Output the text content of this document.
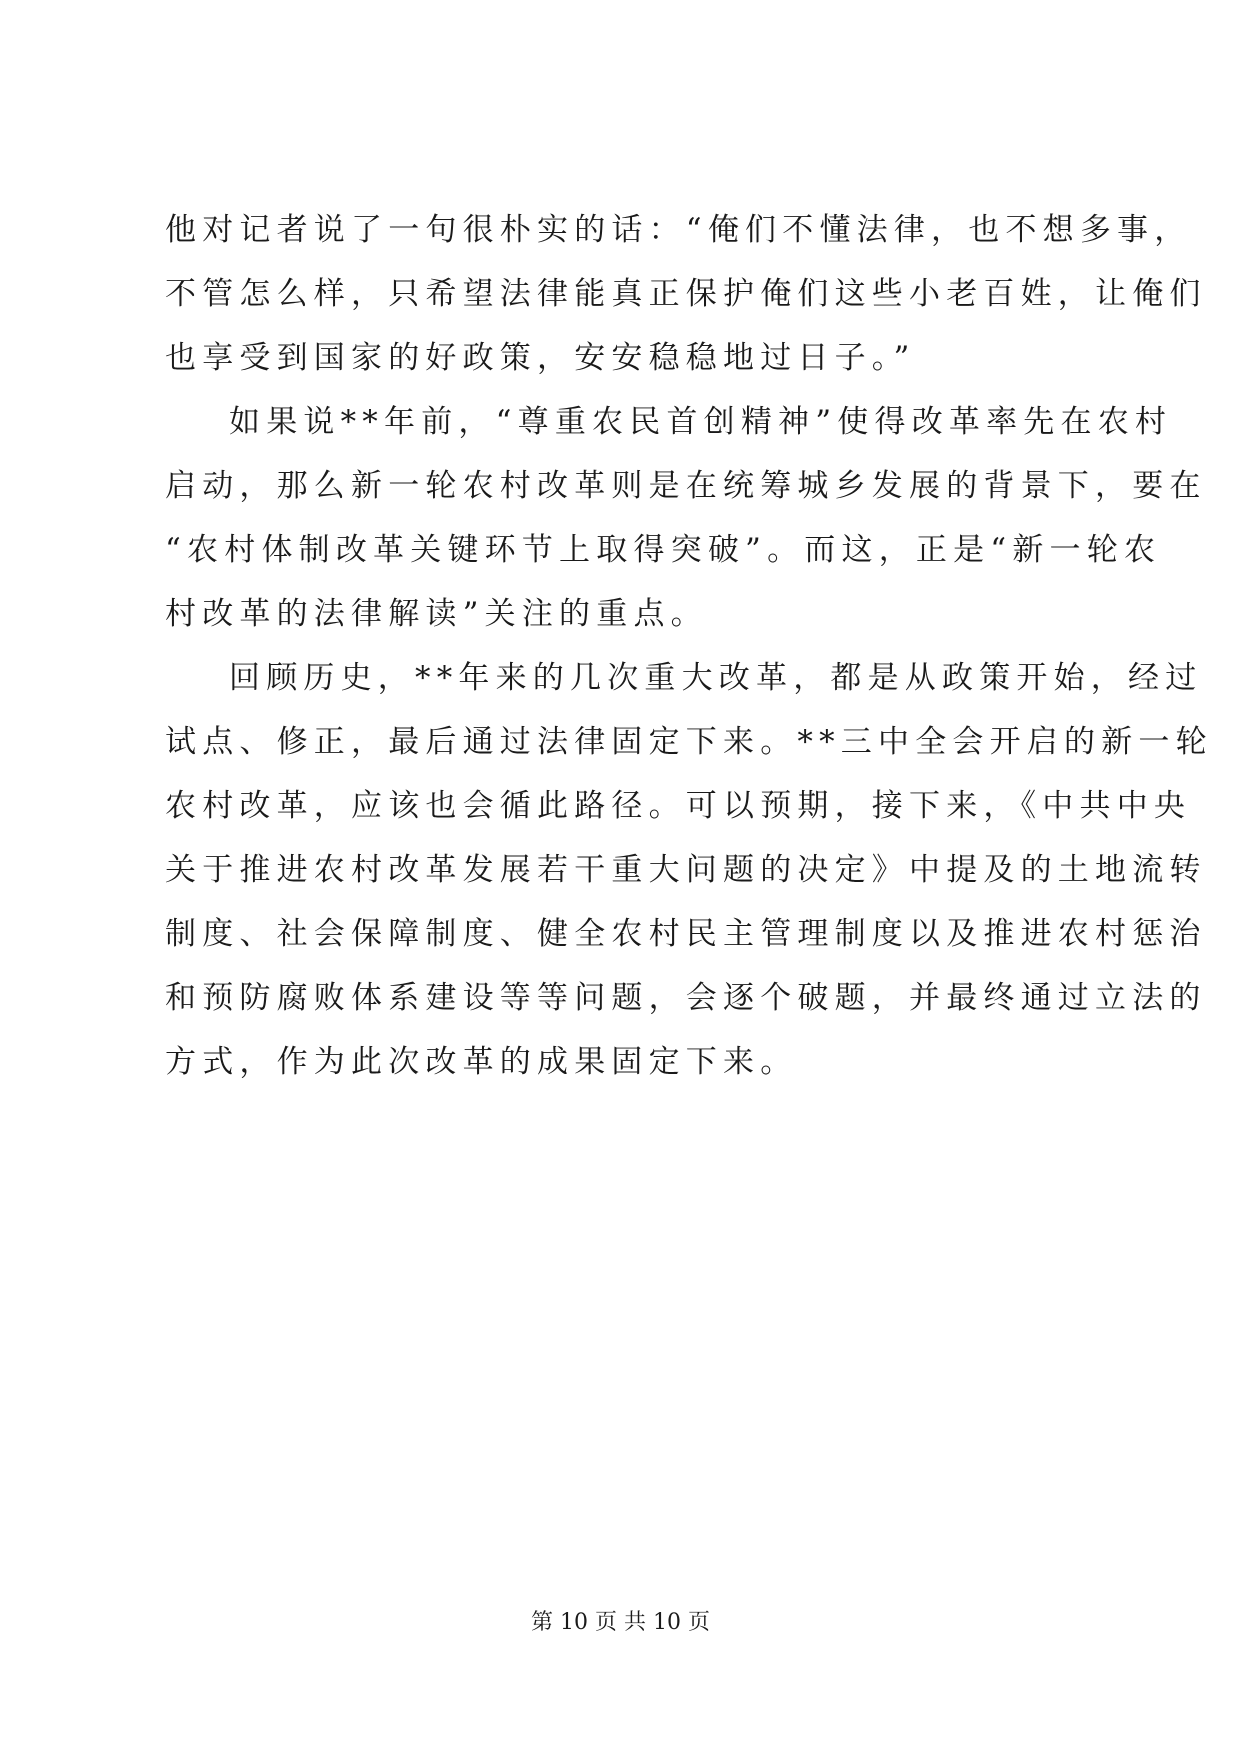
他对记者说了一句很朴实的话：“俺们不懂法律，也不想多事，
不管怎么样，只希望法律能真正保护俺们这些小老百姓，让俺们
也享受到国家的好政策，安安稳稳地过日子。”
如果说**年前，“尊重农民首创精神”使得改革率先在农村
启动，那么新一轮农村改革则是在统筹城乡发展的背景下，要在
“农村体制改革关键环节上取得突破”。而这，正是“新一轮农
村改革的法律解读”关注的重点。
回顾历史，**年来的几次重大改革，都是从政策开始，经过
试点、修正，最后通过法律固定下来。**三中全会开启的新一轮
农村改革，应该也会循此路径。可以预期，接下来，《中共中央
关于推进农村改革发展若干重大问题的决定》中提及的土地流转
制度、社会保障制度、健全农村民主管理制度以及推进农村惩治
和预防腐败体系建设等等问题，会逐个破题，并最终通过立法的
方式，作为此次改革的成果固定下来。
第 10 页 共 10 页
